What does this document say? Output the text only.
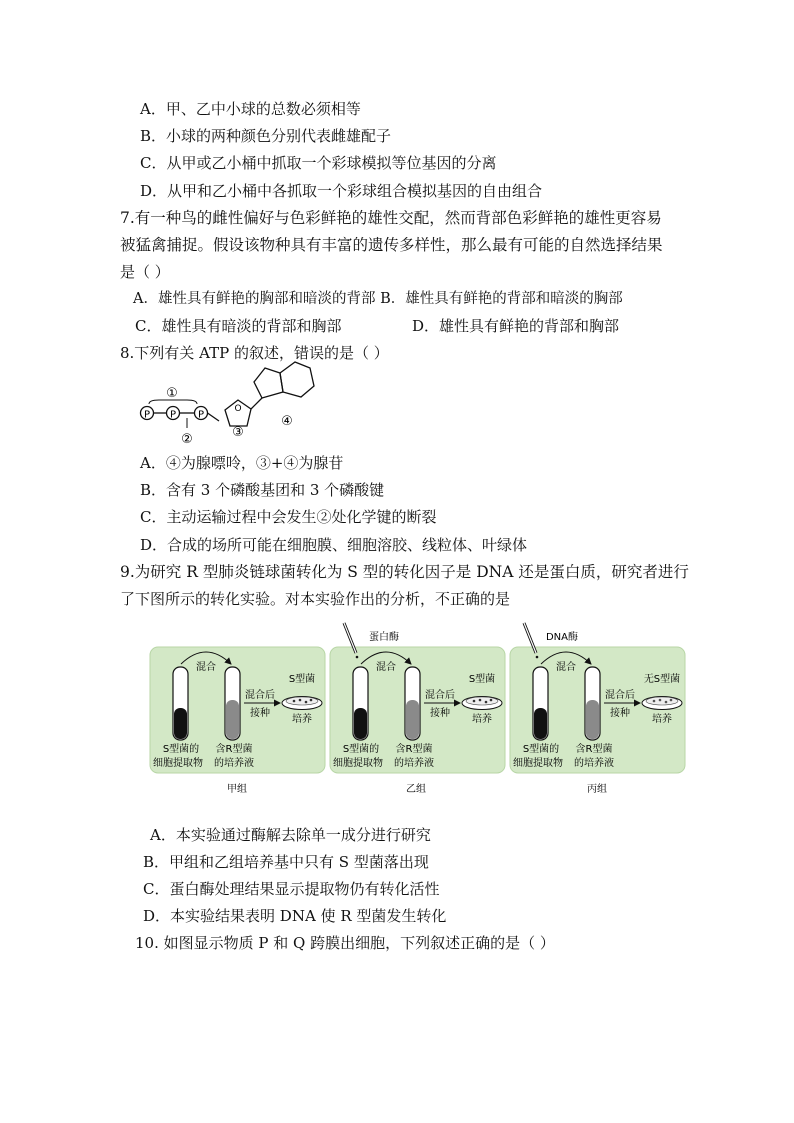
A．甲、乙中小球的总数必须相等
B．小球的两种颜色分别代表雌雄配子
C．从甲或乙小桶中抓取一个彩球模拟等位基因的分离
D．从甲和乙小桶中各抓取一个彩球组合模拟基因的自由组合
7.有一种鸟的雌性偏好与色彩鲜艳的雄性交配，然而背部色彩鲜艳的雄性更容易
被猛禽捕捉。假设该物种具有丰富的遗传多样性，那么最有可能的自然选择结果
是（ ）
A．雄性具有鲜艳的胸部和暗淡的背部 B．雄性具有鲜艳的背部和暗淡的胸部
C．雄性具有暗淡的背部和胸部	D．雄性具有鲜艳的背部和胸部
8.下列有关 ATP 的叙述，错误的是（ ）
P P P
①
②
O
③
④
A．④为腺嘌呤，③+④为腺苷
B．含有 3 个磷酸基团和 3 个磷酸键
C．主动运输过程中会发生②处化学键的断裂
D．合成的场所可能在细胞膜、细胞溶胶、线粒体、叶绿体
9.为研究 R 型肺炎链球菌转化为 S 型的转化因子是 DNA 还是蛋白质，研究者进行
了下图所示的转化实验。对本实验作出的分析，不正确的是
混合
S型菌的
细胞提取物
含R型菌
的培养液
混合后
接种
S型菌
培养
甲组
蛋白酶
混合
S型菌的
细胞提取物
含R型菌
的培养液
混合后
接种
S型菌
培养
乙组
DNA酶
混合
S型菌的
细胞提取物
含R型菌
的培养液
混合后
接种
无S型菌
培养
丙组
A．本实验通过酶解去除单一成分进行研究
B．甲组和乙组培养基中只有 S 型菌落出现
C．蛋白酶处理结果显示提取物仍有转化活性
D．本实验结果表明 DNA 使 R 型菌发生转化
10. 如图显示物质 P 和 Q 跨膜出细胞，下列叙述正确的是（ ）
